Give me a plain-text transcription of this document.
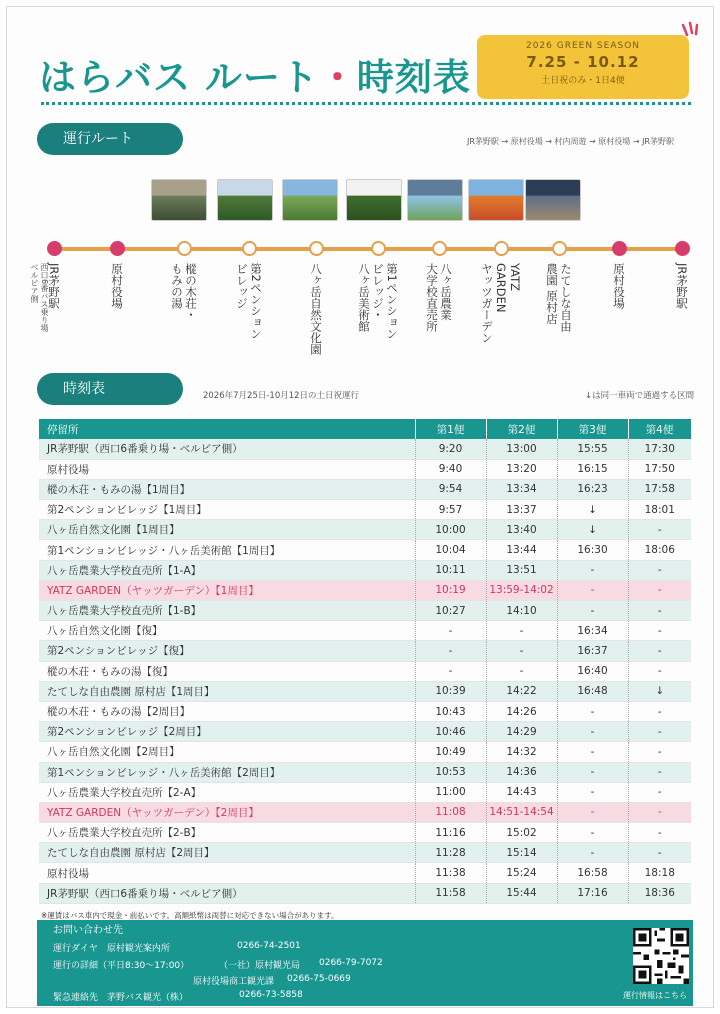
はらバス ルート・時刻表
2026 GREEN SEASON
7.25 - 10.12
土日祝のみ・1日4便
運行ルート	JR茅野駅 → 原村役場 → 村内周遊 → 原村役場 → JR茅野駅
JR茅野駅
西口6番バス乗り場
ベルビア側	原村役場	樅の木荘・
もみの湯	第2ペンション
ビレッジ	八ヶ岳自然文化園	第1ペンション
ビレッジ・
八ヶ岳美術館	八ヶ岳農業
大学校直売所	YATZ
GARDEN
ヤッツガーデン	たてしな自由
農園 原村店	原村役場	JR茅野駅
時刻表	2026年7月25日-10月12日の土日祝運行	↓は同一車両で通過する区間
停留所	第1便	第2便	第3便	第4便
JR茅野駅（西口6番乗り場・ベルビア側）	9:20	13:00	15:55	17:30
原村役場	9:40	13:20	16:15	17:50
樅の木荘・もみの湯【1周目】	9:54	13:34	16:23	17:58
第2ペンションビレッジ【1周目】	9:57	13:37	↓	18:01
八ヶ岳自然文化園【1周目】	10:00	13:40	↓	-
第1ペンションビレッジ・八ヶ岳美術館【1周目】	10:04	13:44	16:30	18:06
八ヶ岳農業大学校直売所【1-A】	10:11	13:51	-	-
YATZ GARDEN（ヤッツガーデン）【1周目】	10:19	13:59-14:02	-	-
八ヶ岳農業大学校直売所【1-B】	10:27	14:10	-	-
八ヶ岳自然文化園【復】	-	-	16:34	-
第2ペンションビレッジ【復】	-	-	16:37	-
樅の木荘・もみの湯【復】	-	-	16:40	-
たてしな自由農園 原村店【1周目】	10:39	14:22	16:48	↓
樅の木荘・もみの湯【2周目】	10:43	14:26	-	-
第2ペンションビレッジ【2周目】	10:46	14:29	-	-
八ヶ岳自然文化園【2周目】	10:49	14:32	-	-
第1ペンションビレッジ・八ヶ岳美術館【2周目】	10:53	14:36	-	-
八ヶ岳農業大学校直売所【2-A】	11:00	14:43	-	-
YATZ GARDEN（ヤッツガーデン）【2周目】	11:08	14:51-14:54	-	-
八ヶ岳農業大学校直売所【2-B】	11:16	15:02	-	-
たてしな自由農園 原村店【2周目】	11:28	15:14	-	-
原村役場	11:38	15:24	16:58	18:18
JR茅野駅（西口6番乗り場・ベルビア側）	11:58	15:44	17:16	18:36
※運賃はバス車内で現金・前払いです。高額紙幣は両替に対応できない場合があります。
お問い合わせ先
運行ダイヤ　原村観光案内所	0266-74-2501
運行の詳細（平日8:30〜17:00）	（一社）原村観光局 0266-79-7072
原村役場商工観光課 0266-75-0669
緊急連絡先　茅野バス観光（株）	0266-73-5858	運行情報はこちら
